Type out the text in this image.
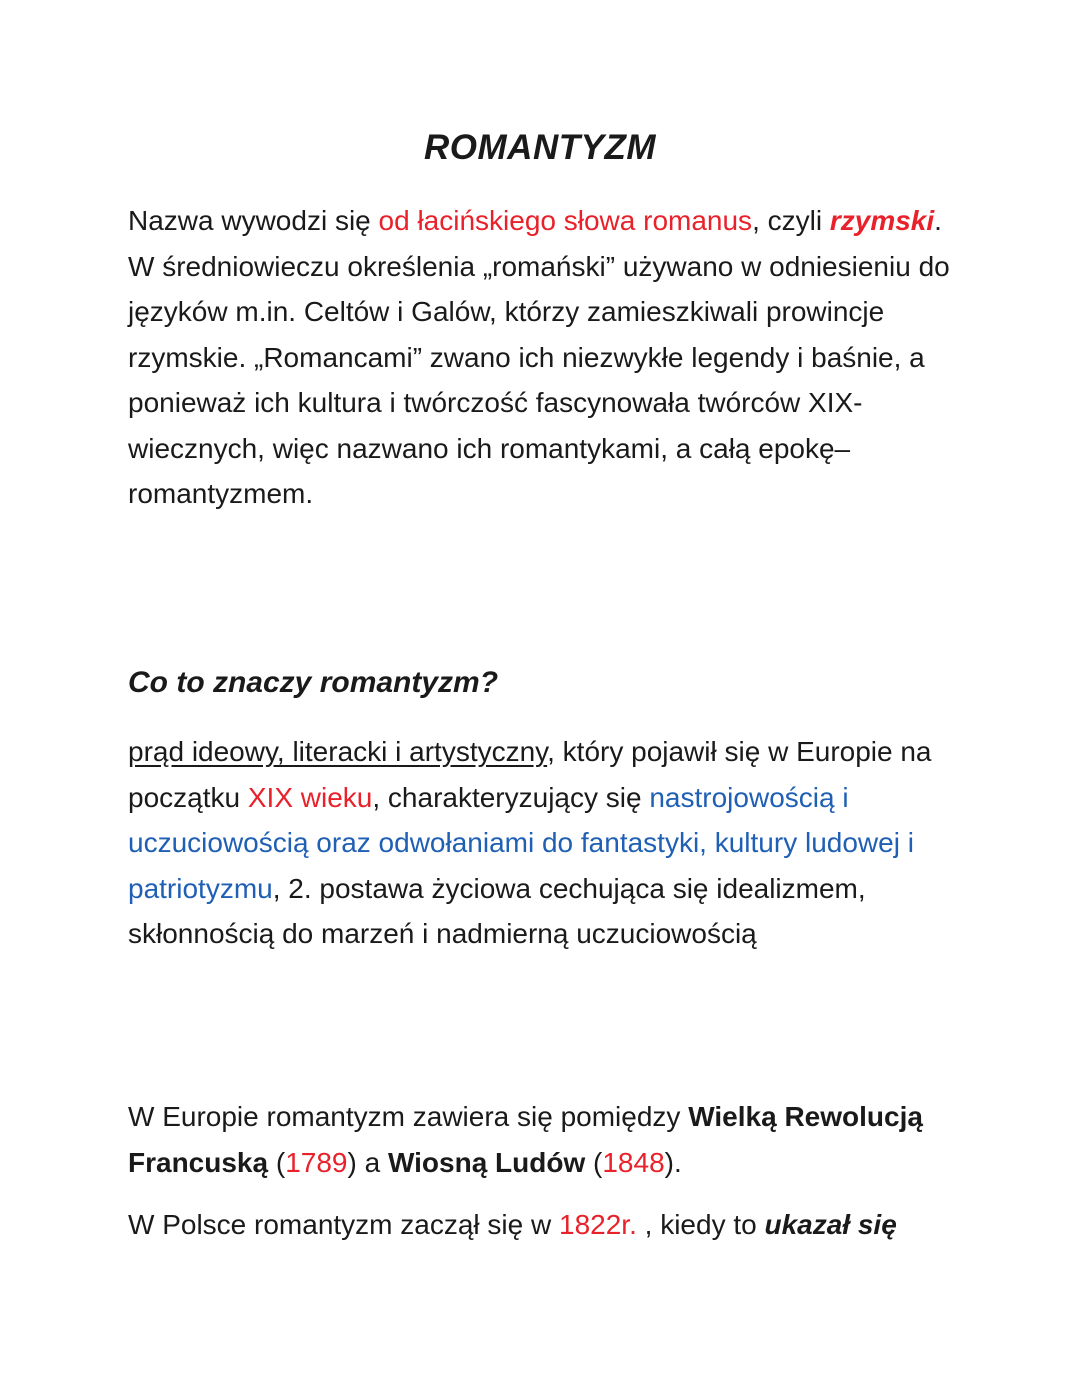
ROMANTYZM

Nazwa wywodzi się od łacińskiego słowa romanus, czyli rzymski. W średniowieczu określenia „romański” używano w odniesieniu do języków m.in. Celtów i Galów, którzy zamieszkiwali prowincje rzymskie. „Romancami” zwano ich niezwykłe legendy i baśnie, a ponieważ ich kultura i twórczość fascynowała twórców XIX-wiecznych, więc nazwano ich romantykami, a całą epokę– romantyzmem.

Co to znaczy romantyzm?

prąd ideowy, literacki i artystyczny, który pojawił się w Europie na początku XIX wieku, charakteryzujący się nastrojowością i uczuciowością oraz odwołaniami do fantastyki, kultury ludowej i patriotyzmu, 2. postawa życiowa cechująca się idealizmem, skłonnością do marzeń i nadmierną uczuciowością

W Europie romantyzm zawiera się pomiędzy Wielką Rewolucją Francuską (1789) a Wiosną Ludów (1848).

W Polsce romantyzm zaczął się w 1822r. , kiedy to ukazał się
